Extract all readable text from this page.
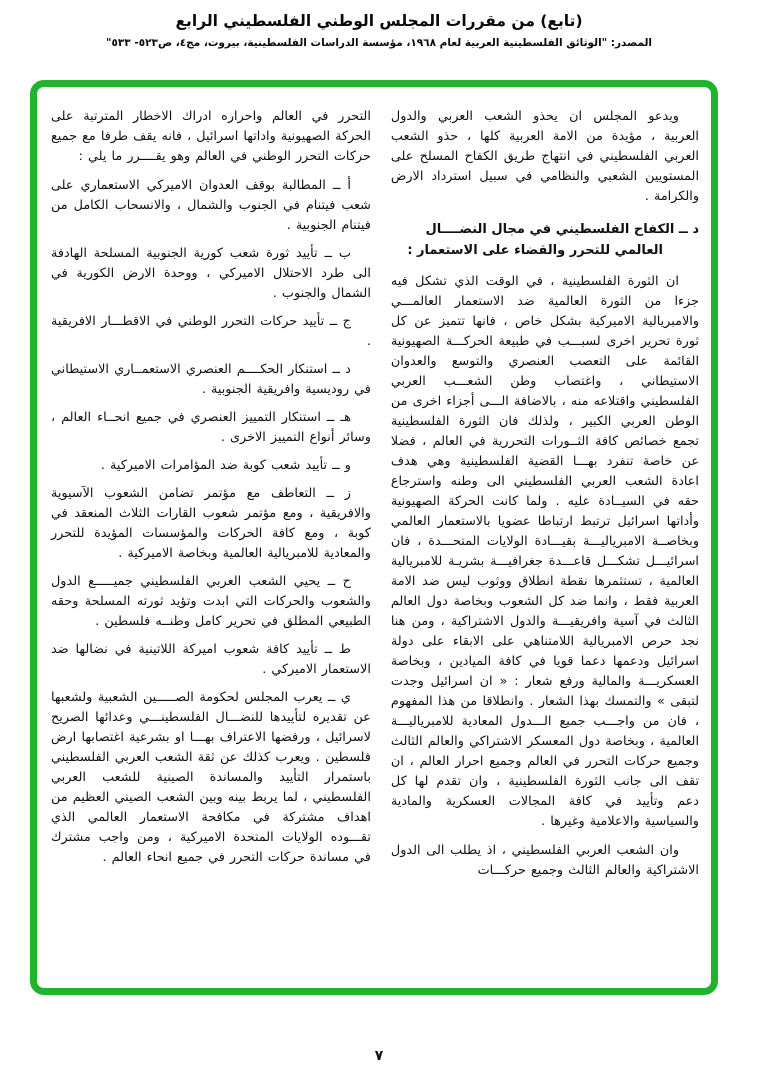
(تابع) من مقررات المجلس الوطني الفلسطيني الرابع
المصدر: "الوثائق الفلسطينية العربية لعام ١٩٦٨، مؤسسة الدراسات الفلسطينية، بيروت، مج٤، ص٥٢٣- ٥٣٣"

ويدعو المجلس ان يحذو الشعب العربي والدول العربية ، مؤيدة من الامة العربية كلها ، حذو الشعب العربي الفلسطيني في انتهاج طريق الكفاح المسلح على المستويين الشعبي والنظامي في سبيل استرداد الارض والكرامة .

د ــ الكفاح الفلسطيني في مجال النضــــال العالمي للتحرر والقضاء على الاستعمار :

ان الثورة الفلسطينية ، في الوقت الذي تشكل فيه جزءا من الثورة العالمية ضد الاستعمار العالمـــي والامبريالية الاميركية بشكل خاص ، فانها تتميز عن كل ثورة تحرير اخرى لسبـــب في طبيعة الحركـــة الصهيونية القائمة على التعصب العنصري والتوسع والعدوان الاستيطاني ، واغتصاب وطن الشعـــب العربي الفلسطيني واقتلاعه منه ، بالاضافة الـــى أجزاء اخرى من الوطن العربي الكبير ، ولذلك فان الثورة الفلسطينية تجمع خصائص كافة الثــورات التحررية في العالم ، فضلا عن خاصة تنفرد بهـــا القضية الفلسطينية وهي هدف اعادة الشعب العربي الفلسطيني الى وطنه واسترجاع حقه في السيــادة عليه . ولما كانت الحركة الصهيونية وأداتها اسرائيل ترتبط ارتباطا عضويا بالاستعمار العالمي وبخاصــة الامبرياليـــة بقيـــادة الولايات المتحـــدة ، فان اسرائيـــل تشكـــل قاعـــدة جغرافيـــة بشريـة للامبريالية العالمية ، تستثمرها نقطة انطلاق ووثوب ليس ضد الامة العربية فقط ، وانما ضد كل الشعوب وبخاصة دول العالم الثالث في آسية وافريقيـــة والدول الاشتراكية ، ومن هنا نجد حرص الامبريالية اللامتناهي على الابقاء على دولة اسرائيل ودعمها دعما قويا في كافة الميادين ، وبخاصة العسكريـــة والمالية ورفع شعار : « ان اسرائيل وجدت لتبقى » والتمسك بهذا الشعار . وانطلاقا من هذا المفهوم ، فان من واجـــب جميع الـــدول المعادية للامبرياليـــة العالمية ، وبخاصة دول المعسكر الاشتراكي والعالم الثالث وجميع حركات التحرر في العالم وجميع احرار العالم ، ان تقف الى جانب الثورة الفلسطينية ، وان تقدم لها كل دعم وتأييد في كافة المجالات العسكرية والمادية والسياسية والاعلامية وغيرها .

وان الشعب العربي الفلسطيني ، اذ يطلب الى الدول الاشتراكية والعالم الثالث وجميع حركـــات

التحرر في العالم واحراره ادراك الاخطار المترتبة على الحركة الصهيونية واداتها اسرائيل ، فانه يقف طرفا مع جميع حركات التحرر الوطني في العالم وهو يقــــرر ما يلي :

أ ــ المطالبة بوقف العدوان الاميركي الاستعماري على شعب فيتنام في الجنوب والشمال ، والانسحاب الكامل من فيتنام الجنوبية .

ب ــ تأييد ثورة شعب كورية الجنوبية المسلحة الهادفة الى طرد الاحتلال الاميركي ، ووحدة الارض الكورية في الشمال والجنوب .

ج ــ تأييد حركات التحرر الوطني في الاقطـــار الافريقية .

د ــ استنكار الحكــــم العنصري الاستعمــاري الاستيطاني في روديسية وافريقية الجنوبية .

هـ ــ استنكار التمييز العنصري في جميع انحــاء العالم ، وسائر أنواع التمييز الاخرى .

و ــ تأييد شعب كوبة ضد المؤامرات الاميركية .

ز ــ التعاطف مع مؤتمر تضامن الشعوب الآسيوية والافريقية ، ومع مؤتمر شعوب القارات الثلاث المنعقد في كوبة ، ومع كافة الحركات والمؤسسات المؤيدة للتحرر والمعادية للامبريالية العالمية وبخاصة الاميركية .

ح ــ يحيي الشعب العربي الفلسطيني جميـــــع الدول والشعوب والحركات التي ابدت وتؤيد ثورته المسلحة وحقه الطبيعي المطلق في تحرير كامل وطنــه فلسطين .

ط ــ تأييد كافة شعوب اميركة اللاتينية في نضالها ضد الاستعمار الاميركي .

ي ــ يعرب المجلس لحكومة الصـــــين الشعبية ولشعبها عن تقديره لتأييدها للنضـــال الفلسطينـــي وعدائها الصريح لاسرائيل ، ورفضها الاعتراف بهـــا او بشرعية اغتصابها ارض فلسطين . ويعرب كذلك عن ثقة الشعب العربي الفلسطيني باستمرار التأييد والمساندة الصينية للشعب العربي الفلسطيني ، لما يربط بينه وبين الشعب الصيني العظيم من اهداف مشتركة في مكافحة الاستعمار العالمي الذي تقـــوده الولايات المتحدة الاميركية ، ومن واجب مشترك في مساندة حركات التحرر في جميع انحاء العالم .

٧
